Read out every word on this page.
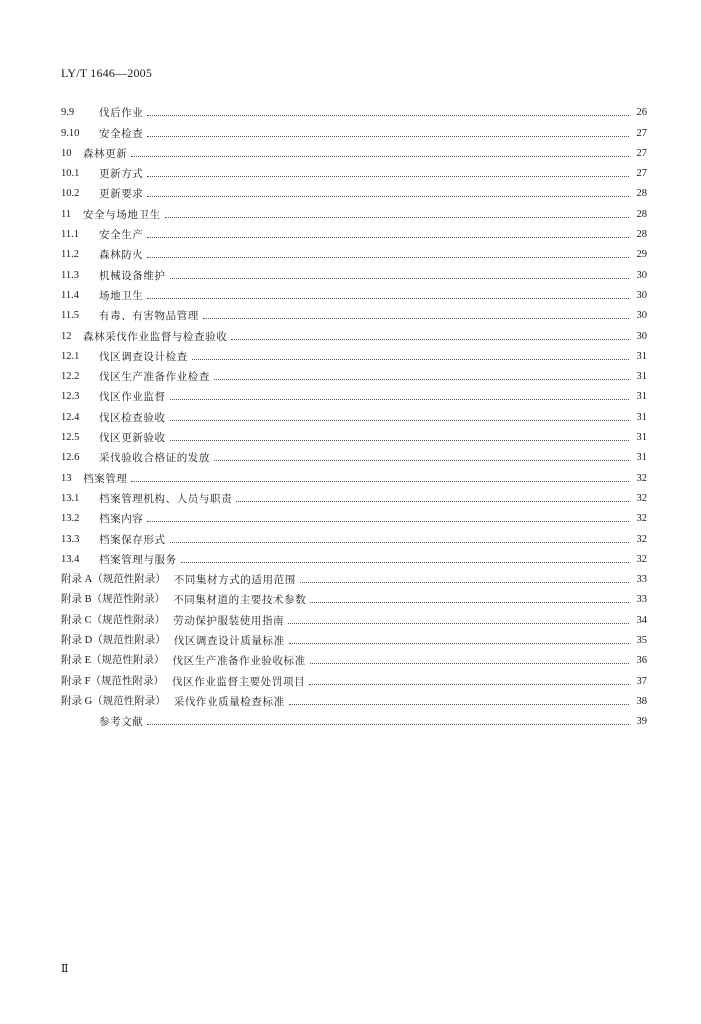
LY/T 1646—2005
9.9	伐后作业	26
9.10	安全检查	27
10	森林更新	27
10.1	更新方式	27
10.2	更新要求	28
11	安全与场地卫生	28
11.1	安全生产	28
11.2	森林防火	29
11.3	机械设备维护	30
11.4	场地卫生	30
11.5	有毒、有害物品管理	30
12	森林采伐作业监督与检查验收	30
12.1	伐区调查设计检查	31
12.2	伐区生产准备作业检查	31
12.3	伐区作业监督	31
12.4	伐区检查验收	31
12.5	伐区更新验收	31
12.6	采伐验收合格证的发放	31
13	档案管理	32
13.1	档案管理机构、人员与职责	32
13.2	档案内容	32
13.3	档案保存形式	32
13.4	档案管理与服务	32
附录 A（规范性附录） 不同集材方式的适用范围	33
附录 B（规范性附录） 不同集材道的主要技术参数	33
附录 C（规范性附录） 劳动保护服装使用指南	34
附录 D（规范性附录） 伐区调查设计质量标准	35
附录 E（规范性附录） 伐区生产准备作业验收标准	36
附录 F（规范性附录） 伐区作业监督主要处罚项目	37
附录 G（规范性附录） 采伐作业质量检查标准	38
参考文献	39
Ⅱ
